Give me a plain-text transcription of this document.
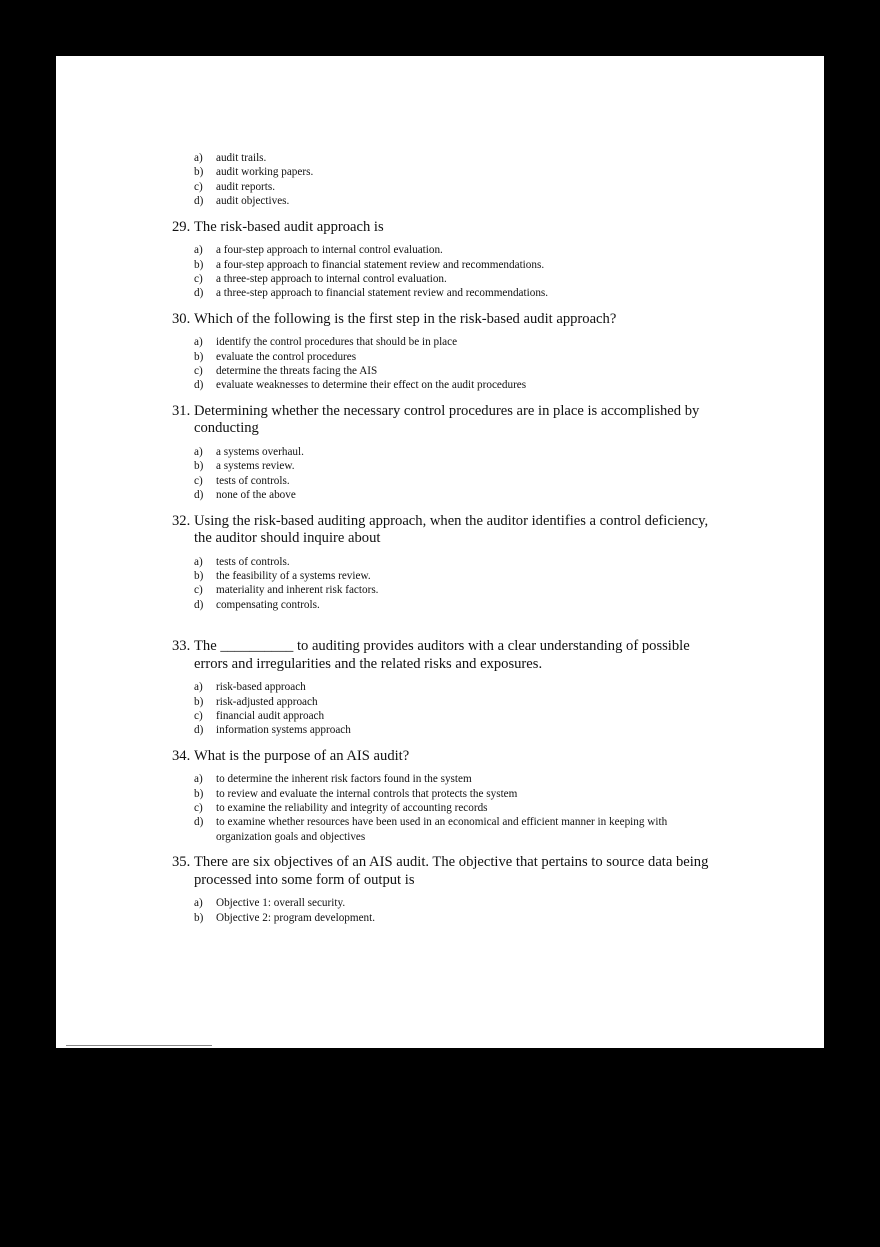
a) audit trails.
b) audit working papers.
c) audit reports.
d) audit objectives.

29. The risk-based audit approach is

a) a four-step approach to internal control evaluation.
b) a four-step approach to financial statement review and recommendations.
c) a three-step approach to internal control evaluation.
d) a three-step approach to financial statement review and recommendations.

30. Which of the following is the first step in the risk-based audit approach?

a) identify the control procedures that should be in place
b) evaluate the control procedures
c) determine the threats facing the AIS
d) evaluate weaknesses to determine their effect on the audit procedures

31. Determining whether the necessary control procedures are in place is accomplished by conducting

a) a systems overhaul.
b) a systems review.
c) tests of controls.
d) none of the above

32. Using the risk-based auditing approach, when the auditor identifies a control deficiency, the auditor should inquire about

a) tests of controls.
b) the feasibility of a systems review.
c) materiality and inherent risk factors.
d) compensating controls.

33. The __________ to auditing provides auditors with a clear understanding of possible errors and irregularities and the related risks and exposures.

a) risk-based approach
b) risk-adjusted approach
c) financial audit approach
d) information systems approach

34. What is the purpose of an AIS audit?

a) to determine the inherent risk factors found in the system
b) to review and evaluate the internal controls that protects the system
c) to examine the reliability and integrity of accounting records
d) to examine whether resources have been used in an economical and efficient manner in keeping with organization goals and objectives

35. There are six objectives of an AIS audit. The objective that pertains to source data being processed into some form of output is

a) Objective 1: overall security.
b) Objective 2: program development.
